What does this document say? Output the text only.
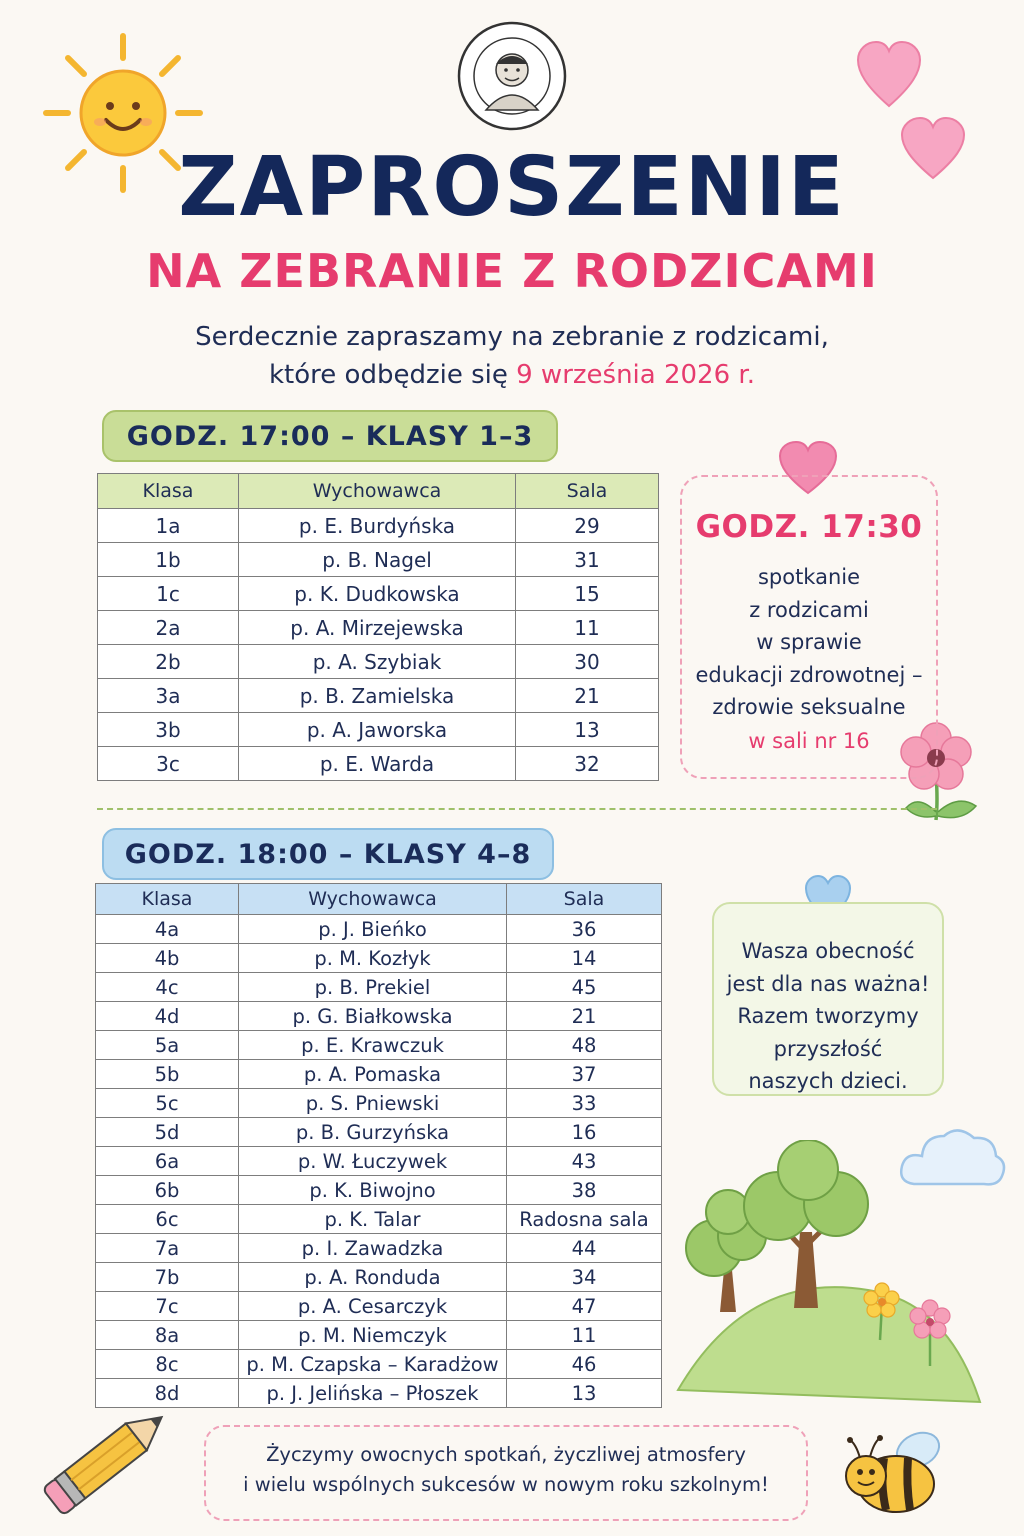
ZAPROSZENIE
NA ZEBRANIE Z RODZICAMI
Serdecznie zapraszamy na zebranie z rodzicami,
które odbędzie się 9 września 2026 r.
GODZ. 17:00 – KLASY 1–3
Klasa	Wychowawca	Sala
1a	p. E. Burdyńska	29
1b	p. B. Nagel	31
1c	p. K. Dudkowska	15
2a	p. A. Mirzejewska	11
2b	p. A. Szybiak	30
3a	p. B. Zamielska	21
3b	p. A. Jaworska	13
3c	p. E. Warda	32
GODZ. 17:30
spotkanie
z rodzicami
w sprawie
edukacji zdrowotnej –
zdrowie seksualne
w sali nr 16
GODZ. 18:00 – KLASY 4–8
Klasa	Wychowawca	Sala
4a	p. J. Bieńko	36
4b	p. M. Kozłyk	14
4c	p. B. Prekiel	45
4d	p. G. Białkowska	21
5a	p. E. Krawczuk	48
5b	p. A. Pomaska	37
5c	p. S. Pniewski	33
5d	p. B. Gurzyńska	16
6a	p. W. Łuczywek	43
6b	p. K. Biwojno	38
6c	p. K. Talar	Radosna sala
7a	p. I. Zawadzka	44
7b	p. A. Ronduda	34
7c	p. A. Cesarczyk	47
8a	p. M. Niemczyk	11
8c	p. M. Czapska – Karadżow	46
8d	p. J. Jelińska – Płoszek	13
Wasza obecność
jest dla nas ważna!
Razem tworzymy
przyszłość
naszych dzieci.
Życzymy owocnych spotkań, życzliwej atmosfery
i wielu wspólnych sukcesów w nowym roku szkolnym!
